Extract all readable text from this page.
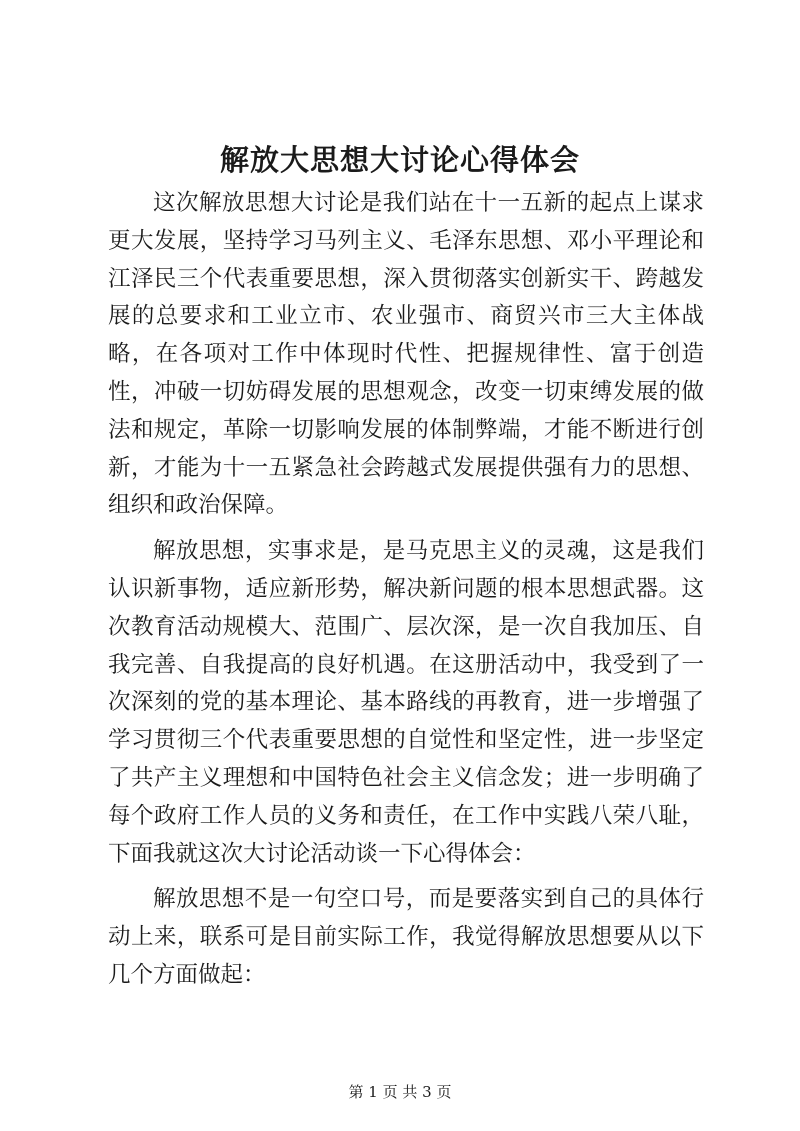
解放大思想大讨论心得体会

这次解放思想大讨论是我们站在十一五新的起点上谋求更大发展，坚持学习马列主义、毛泽东思想、邓小平理论和江泽民三个代表重要思想，深入贯彻落实创新实干、跨越发展的总要求和工业立市、农业强市、商贸兴市三大主体战略，在各项对工作中体现时代性、把握规律性、富于创造性，冲破一切妨碍发展的思想观念，改变一切束缚发展的做法和规定，革除一切影响发展的体制弊端，才能不断进行创新，才能为十一五紧急社会跨越式发展提供强有力的思想、组织和政治保障。

解放思想，实事求是，是马克思主义的灵魂，这是我们认识新事物，适应新形势，解决新问题的根本思想武器。这次教育活动规模大、范围广、层次深，是一次自我加压、自我完善、自我提高的良好机遇。在这册活动中，我受到了一次深刻的党的基本理论、基本路线的再教育，进一步增强了学习贯彻三个代表重要思想的自觉性和坚定性，进一步坚定了共产主义理想和中国特色社会主义信念发；进一步明确了每个政府工作人员的义务和责任，在工作中实践八荣八耻，下面我就这次大讨论活动谈一下心得体会：

解放思想不是一句空口号，而是要落实到自己的具体行动上来，联系可是目前实际工作，我觉得解放思想要从以下几个方面做起：

第 1 页 共 3 页
